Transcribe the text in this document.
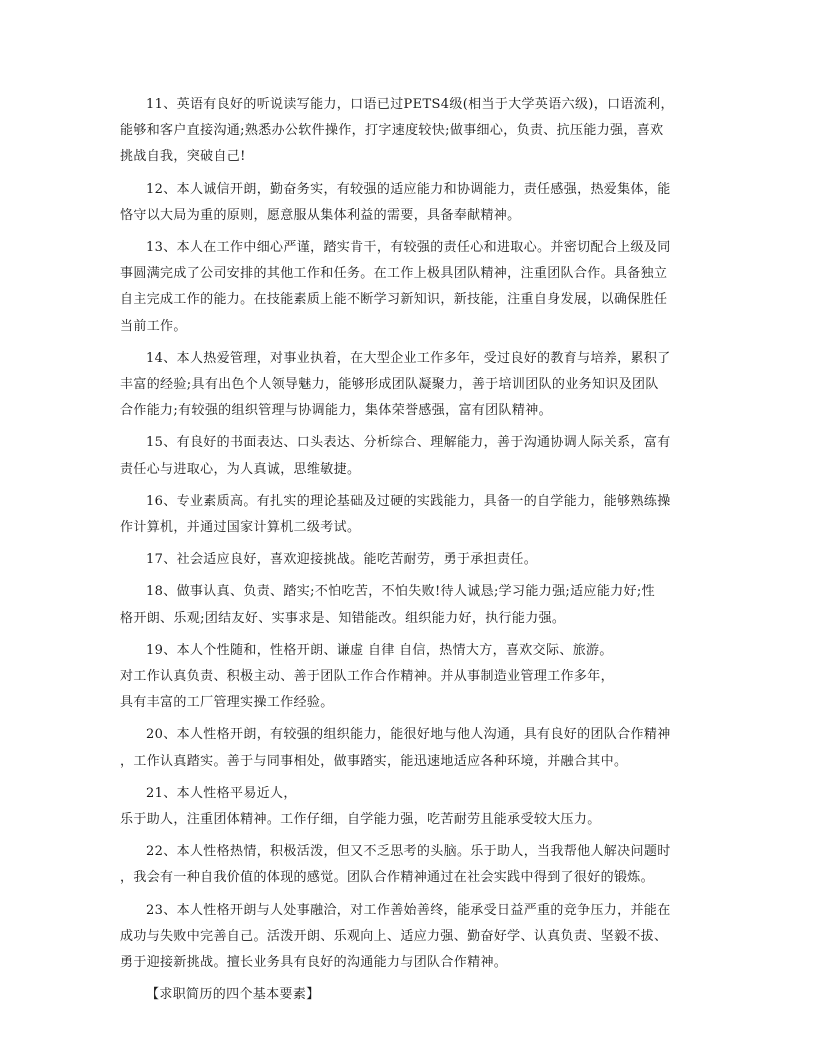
11、英语有良好的听说读写能力，口语已过PETS4级(相当于大学英语六级)，口语流利，
能够和客户直接沟通;熟悉办公软件操作，打字速度较快;做事细心，负责、抗压能力强，喜欢
挑战自我，突破自己!
12、本人诚信开朗，勤奋务实，有较强的适应能力和协调能力，责任感强，热爱集体，能
恪守以大局为重的原则，愿意服从集体利益的需要，具备奉献精神。
13、本人在工作中细心严谨，踏实肯干，有较强的责任心和进取心。并密切配合上级及同
事圆满完成了公司安排的其他工作和任务。在工作上极具团队精神，注重团队合作。具备独立
自主完成工作的能力。在技能素质上能不断学习新知识，新技能，注重自身发展，以确保胜任
当前工作。
14、本人热爱管理，对事业执着，在大型企业工作多年，受过良好的教育与培养，累积了
丰富的经验;具有出色个人领导魅力，能够形成团队凝聚力，善于培训团队的业务知识及团队
合作能力;有较强的组织管理与协调能力，集体荣誉感强，富有团队精神。
15、有良好的书面表达、口头表达、分析综合、理解能力，善于沟通协调人际关系，富有
责任心与进取心，为人真诚，思维敏捷。
16、专业素质高。有扎实的理论基础及过硬的实践能力，具备一的自学能力，能够熟练操
作计算机，并通过国家计算机二级考试。
17、社会适应良好，喜欢迎接挑战。能吃苦耐劳，勇于承担责任。
18、做事认真、负责、踏实;不怕吃苦，不怕失败!待人诚恳;学习能力强;适应能力好;性
格开朗、乐观;团结友好、实事求是、知错能改。组织能力好，执行能力强。
19、本人个性随和，性格开朗、谦虚 自律 自信，热情大方，喜欢交际、旅游。
对工作认真负责、积极主动、善于团队工作合作精神。并从事制造业管理工作多年，
具有丰富的工厂管理实操工作经验。
20、本人性格开朗，有较强的组织能力，能很好地与他人沟通，具有良好的团队合作精神
，工作认真踏实。善于与同事相处，做事踏实，能迅速地适应各种环境，并融合其中。
21、本人性格平易近人，
乐于助人，注重团体精神。工作仔细，自学能力强，吃苦耐劳且能承受较大压力。
22、本人性格热情，积极活泼，但又不乏思考的头脑。乐于助人，当我帮他人解决问题时
，我会有一种自我价值的体现的感觉。团队合作精神通过在社会实践中得到了很好的锻炼。
23、本人性格开朗与人处事融洽，对工作善始善终，能承受日益严重的竞争压力，并能在
成功与失败中完善自己。活泼开朗、乐观向上、适应力强、勤奋好学、认真负责、坚毅不拔、
勇于迎接新挑战。擅长业务具有良好的沟通能力与团队合作精神。
【求职简历的四个基本要素】
